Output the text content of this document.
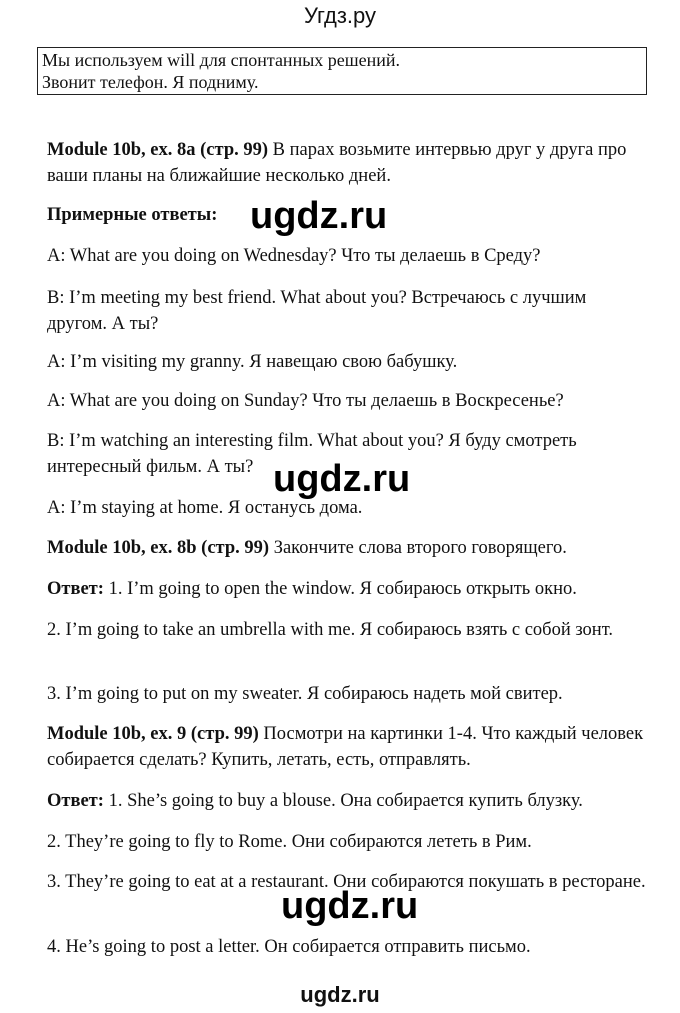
Угдз.ру
Мы используем will для спонтанных решений.
Звонит телефон. Я подниму.

Module 10b, ex. 8a (стр. 99) В парах возьмите интервью друг у друга про ваши планы на ближайшие несколько дней.

Примерные ответы:

A: What are you doing on Wednesday? Что ты делаешь в Среду?

B: I’m meeting my best friend. What about you? Встречаюсь с лучшим другом. А ты?

A: I’m visiting my granny. Я навещаю свою бабушку.

A: What are you doing on Sunday? Что ты делаешь в Воскресенье?

B: I’m watching an interesting film. What about you? Я буду смотреть интересный фильм. А ты?

A: I’m staying at home. Я останусь дома.

Module 10b, ex. 8b (стр. 99) Закончите слова второго говорящего.

Ответ: 1. I’m going to open the window. Я собираюсь открыть окно.

2. I’m going to take an umbrella with me. Я собираюсь взять с собой зонт.

3. I’m going to put on my sweater. Я собираюсь надеть мой свитер.

Module 10b, ex. 9 (стр. 99) Посмотри на картинки 1-4. Что каждый человек собирается сделать? Купить, летать, есть, отправлять.

Ответ: 1. She’s going to buy a blouse. Она собирается купить блузку.

2. They’re going to fly to Rome. Они собираются лететь в Рим.

3. They’re going to eat at a restaurant. Они собираются покушать в ресторане.

4. He’s going to post a letter. Он собирается отправить письмо.

ugdz.ru
ugdz.ru
ugdz.ru
ugdz.ru
